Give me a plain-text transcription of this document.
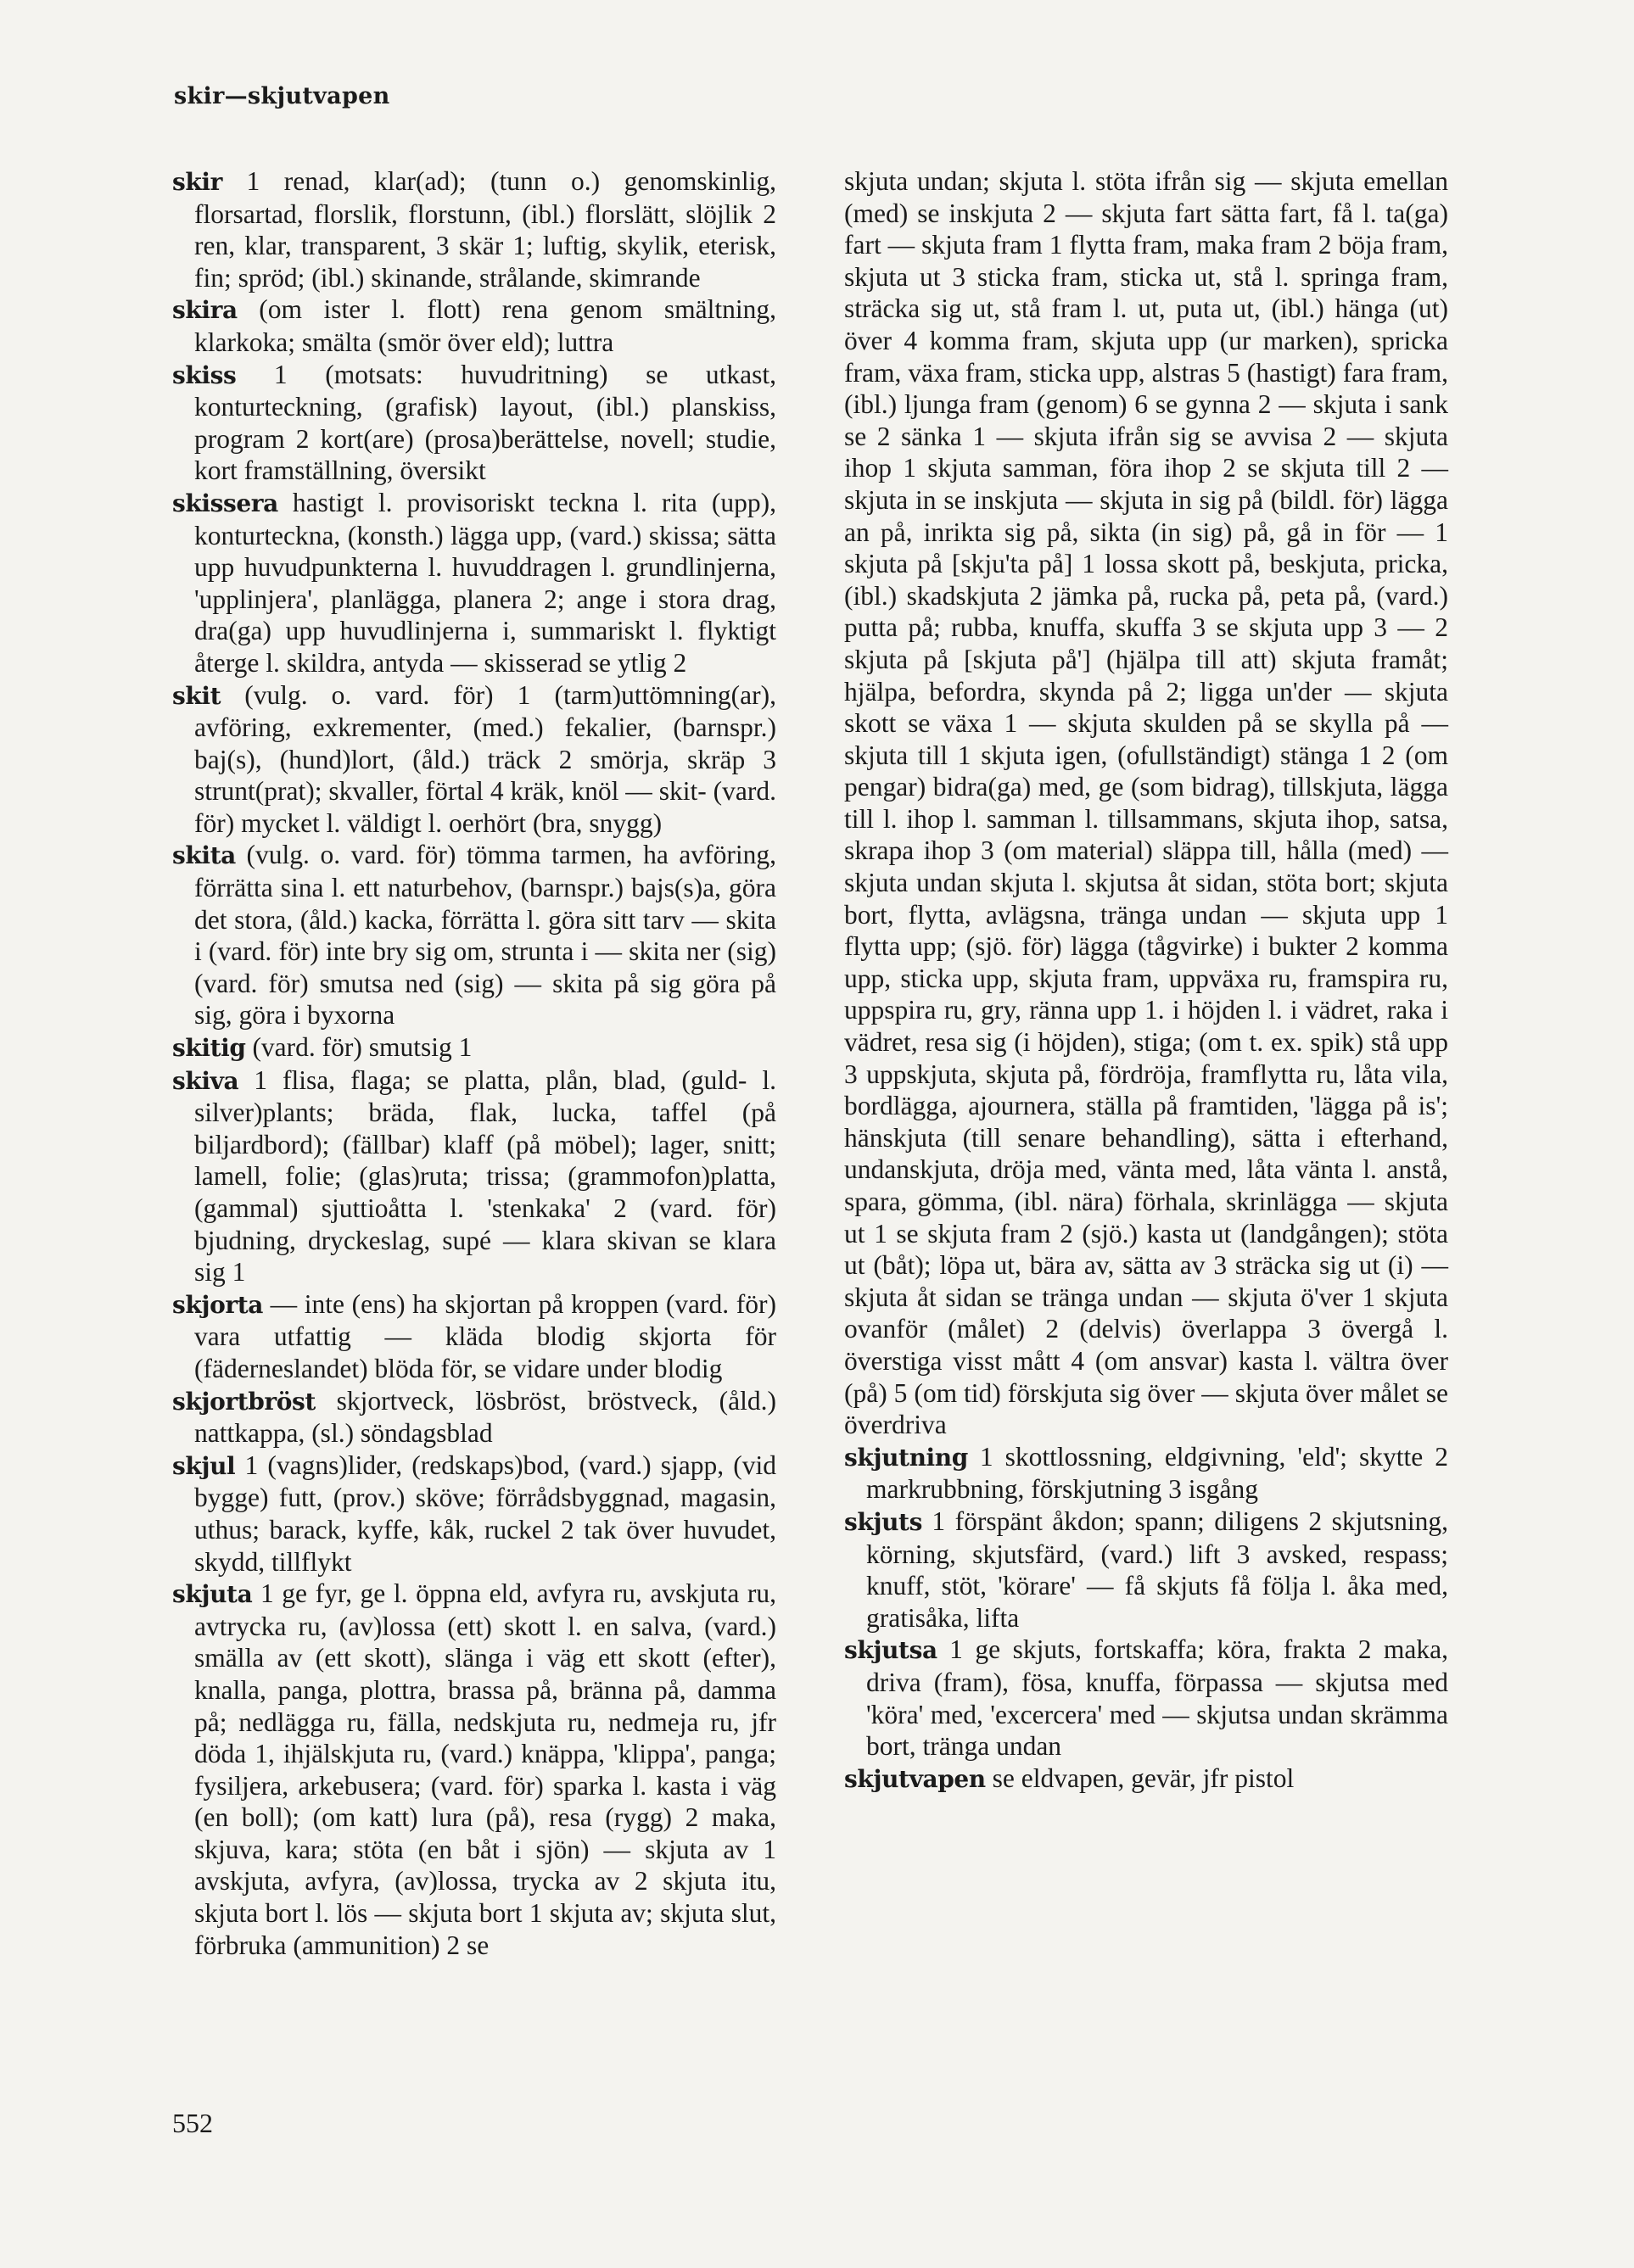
skir—skjutvapen

skir 1 renad, klar(ad); (tunn o.) genomskinlig, florsartad, florslik, florstunn, (ibl.) florslätt, slöjlik 2 ren, klar, transparent, 3 skär 1; luftig, skylik, eterisk, fin; spröd; (ibl.) skinande, strålande, skimrande

skira (om ister l. flott) rena genom smältning, klarkoka; smälta (smör över eld); luttra

skiss 1 (motsats: huvudritning) se utkast, konturteckning, (grafisk) layout, (ibl.) planskiss, program 2 kort(are) (prosa)berättelse, novell; studie, kort framställning, översikt

skissera hastigt l. provisoriskt teckna l. rita (upp), konturteckna, (konsth.) lägga upp, (vard.) skissa; sätta upp huvudpunkterna l. huvuddragen l. grundlinjerna, 'upplinjera', planlägga, planera 2; ange i stora drag, dra(ga) upp huvudlinjerna i, summariskt l. flyktigt återge l. skildra, antyda — skisserad se ytlig 2

skit (vulg. o. vard. för) 1 (tarm)uttömning(ar), avföring, exkrementer, (med.) fekalier, (barnspr.) baj(s), (hund)lort, (åld.) träck 2 smörja, skräp 3 strunt(prat); skvaller, förtal 4 kräk, knöl — skit- (vard. för) mycket l. väldigt l. oerhört (bra, snygg)

skita (vulg. o. vard. för) tömma tarmen, ha avföring, förrätta sina l. ett naturbehov, (barnspr.) bajs(s)a, göra det stora, (åld.) kacka, förrätta l. göra sitt tarv — skita i (vard. för) inte bry sig om, strunta i — skita ner (sig) (vard. för) smutsa ned (sig) — skita på sig göra på sig, göra i byxorna

skitig (vard. för) smutsig 1

skiva 1 flisa, flaga; se platta, plån, blad, (guld- l. silver)plants; bräda, flak, lucka, taffel (på biljardbord); (fällbar) klaff (på möbel); lager, snitt; lamell, folie; (glas)ruta; trissa; (grammofon)platta, (gammal) sjuttioåtta l. 'stenkaka' 2 (vard. för) bjudning, dryckeslag, supé — klara skivan se klara sig 1

skjorta — inte (ens) ha skjortan på kroppen (vard. för) vara utfattig — kläda blodig skjorta för (fäderneslandet) blöda för, se vidare under blodig

skjortbröst skjortveck, lösbröst, bröstveck, (åld.) nattkappa, (sl.) söndagsblad

skjul 1 (vagns)lider, (redskaps)bod, (vard.) sjapp, (vid bygge) futt, (prov.) sköve; förrådsbyggnad, magasin, uthus; barack, kyffe, kåk, ruckel 2 tak över huvudet, skydd, tillflykt

skjuta 1 ge fyr, ge l. öppna eld, avfyra ru, avskjuta ru, avtrycka ru, (av)lossa (ett) skott l. en salva, (vard.) smälla av (ett skott), slänga i väg ett skott (efter), knalla, panga, plottra, brassa på, bränna på, damma på; nedlägga ru, fälla, nedskjuta ru, nedmeja ru, jfr döda 1, ihjälskjuta ru, (vard.) knäppa, 'klippa', panga; fysiljera, arkebusera; (vard. för) sparka l. kasta i väg (en boll); (om katt) lura (på), resa (rygg) 2 maka, skjuva, kara; stöta (en båt i sjön) — skjuta av 1 avskjuta, avfyra, (av)lossa, trycka av 2 skjuta itu, skjuta bort l. lös — skjuta bort 1 skjuta av; skjuta slut, förbruka (ammunition) 2 se

skjuta undan; skjuta l. stöta ifrån sig — skjuta emellan (med) se inskjuta 2 — skjuta fart sätta fart, få l. ta(ga) fart — skjuta fram 1 flytta fram, maka fram 2 böja fram, skjuta ut 3 sticka fram, sticka ut, stå l. springa fram, sträcka sig ut, stå fram l. ut, puta ut, (ibl.) hänga (ut) över 4 komma fram, skjuta upp (ur marken), spricka fram, växa fram, sticka upp, alstras 5 (hastigt) fara fram, (ibl.) ljunga fram (genom) 6 se gynna 2 — skjuta i sank se 2 sänka 1 — skjuta ifrån sig se avvisa 2 — skjuta ihop 1 skjuta samman, föra ihop 2 se skjuta till 2 — skjuta in se inskjuta — skjuta in sig på (bildl. för) lägga an på, inrikta sig på, sikta (in sig) på, gå in för — 1 skjuta på [skju'ta på] 1 lossa skott på, beskjuta, pricka, (ibl.) skadskjuta 2 jämka på, rucka på, peta på, (vard.) putta på; rubba, knuffa, skuffa 3 se skjuta upp 3 — 2 skjuta på [skjuta på'] (hjälpa till att) skjuta framåt; hjälpa, befordra, skynda på 2; ligga un'der — skjuta skott se växa 1 — skjuta skulden på se skylla på — skjuta till 1 skjuta igen, (ofullständigt) stänga 1 2 (om pengar) bidra(ga) med, ge (som bidrag), tillskjuta, lägga till l. ihop l. samman l. tillsammans, skjuta ihop, satsa, skrapa ihop 3 (om material) släppa till, hålla (med) — skjuta undan skjuta l. skjutsa åt sidan, stöta bort; skjuta bort, flytta, avlägsna, tränga undan — skjuta upp 1 flytta upp; (sjö. för) lägga (tågvirke) i bukter 2 komma upp, sticka upp, skjuta fram, uppväxa ru, framspira ru, uppspira ru, gry, ränna upp 1. i höjden l. i vädret, raka i vädret, resa sig (i höjden), stiga; (om t. ex. spik) stå upp 3 uppskjuta, skjuta på, fördröja, framflytta ru, låta vila, bordlägga, ajournera, ställa på framtiden, 'lägga på is'; hänskjuta (till senare behandling), sätta i efterhand, undanskjuta, dröja med, vänta med, låta vänta l. anstå, spara, gömma, (ibl. nära) förhala, skrinlägga — skjuta ut 1 se skjuta fram 2 (sjö.) kasta ut (landgången); stöta ut (båt); löpa ut, bära av, sätta av 3 sträcka sig ut (i) — skjuta åt sidan se tränga undan — skjuta ö'ver 1 skjuta ovanför (målet) 2 (delvis) överlappa 3 övergå l. överstiga visst mått 4 (om ansvar) kasta l. vältra över (på) 5 (om tid) förskjuta sig över — skjuta över målet se överdriva

skjutning 1 skottlossning, eldgivning, 'eld'; skytte 2 markrubbning, förskjutning 3 isgång

skjuts 1 förspänt åkdon; spann; diligens 2 skjutsning, körning, skjutsfärd, (vard.) lift 3 avsked, respass; knuff, stöt, 'körare' — få skjuts få följa l. åka med, gratisåka, lifta

skjutsa 1 ge skjuts, fortskaffa; köra, frakta 2 maka, driva (fram), fösa, knuffa, förpassa — skjutsa med 'köra' med, 'excercera' med — skjutsa undan skrämma bort, tränga undan

skjutvapen se eldvapen, gevär, jfr pistol

552
